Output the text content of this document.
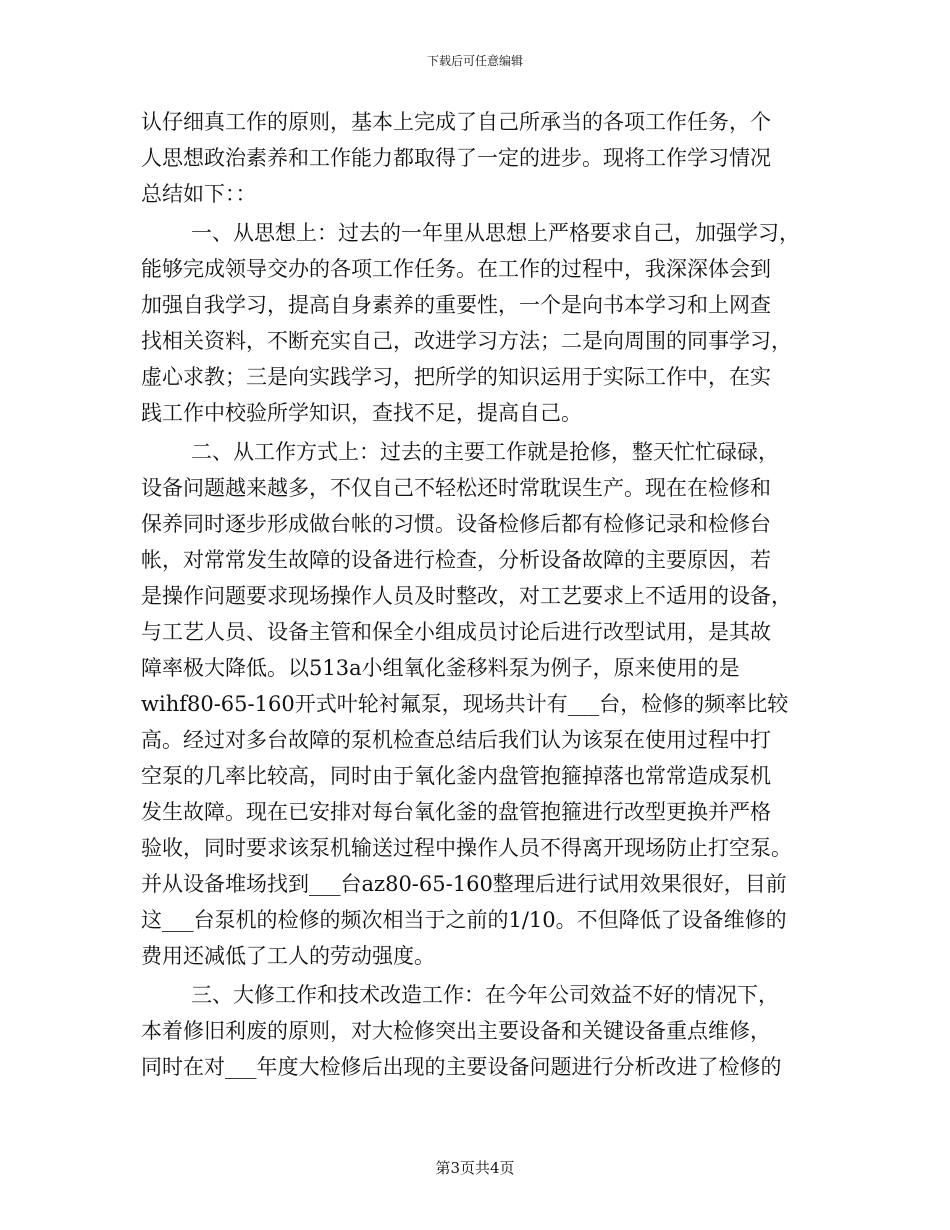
下载后可任意编辑
认仔细真工作的原则，基本上完成了自己所承当的各项工作任务，个
人思想政治素养和工作能力都取得了一定的进步。现将工作学习情况
总结如下：：
一、从思想上：过去的一年里从思想上严格要求自己，加强学习，
能够完成领导交办的各项工作任务。在工作的过程中，我深深体会到
加强自我学习，提高自身素养的重要性，一个是向书本学习和上网查
找相关资料，不断充实自己，改进学习方法；二是向周围的同事学习，
虚心求教；三是向实践学习，把所学的知识运用于实际工作中，在实
践工作中校验所学知识，查找不足，提高自己。
二、从工作方式上：过去的主要工作就是抢修，整天忙忙碌碌，
设备问题越来越多，不仅自己不轻松还时常耽误生产。现在在检修和
保养同时逐步形成做台帐的习惯。设备检修后都有检修记录和检修台
帐，对常常发生故障的设备进行检查，分析设备故障的主要原因，若
是操作问题要求现场操作人员及时整改，对工艺要求上不适用的设备，
与工艺人员、设备主管和保全小组成员讨论后进行改型试用，是其故
障率极大降低。以513a小组氧化釜移料泵为例子，原来使用的是
wihf80-65-160开式叶轮衬氟泵，现场共计有___台，检修的频率比较
高。经过对多台故障的泵机检查总结后我们认为该泵在使用过程中打
空泵的几率比较高，同时由于氧化釜内盘管抱箍掉落也常常造成泵机
发生故障。现在已安排对每台氧化釜的盘管抱箍进行改型更换并严格
验收，同时要求该泵机输送过程中操作人员不得离开现场防止打空泵。
并从设备堆场找到___台az80-65-160整理后进行试用效果很好，目前
这___台泵机的检修的频次相当于之前的1/10。不但降低了设备维修的
费用还减低了工人的劳动强度。
三、大修工作和技术改造工作：在今年公司效益不好的情况下，
本着修旧利废的原则，对大检修突出主要设备和关键设备重点维修，
同时在对___年度大检修后出现的主要设备问题进行分析改进了检修的
第3页共4页
